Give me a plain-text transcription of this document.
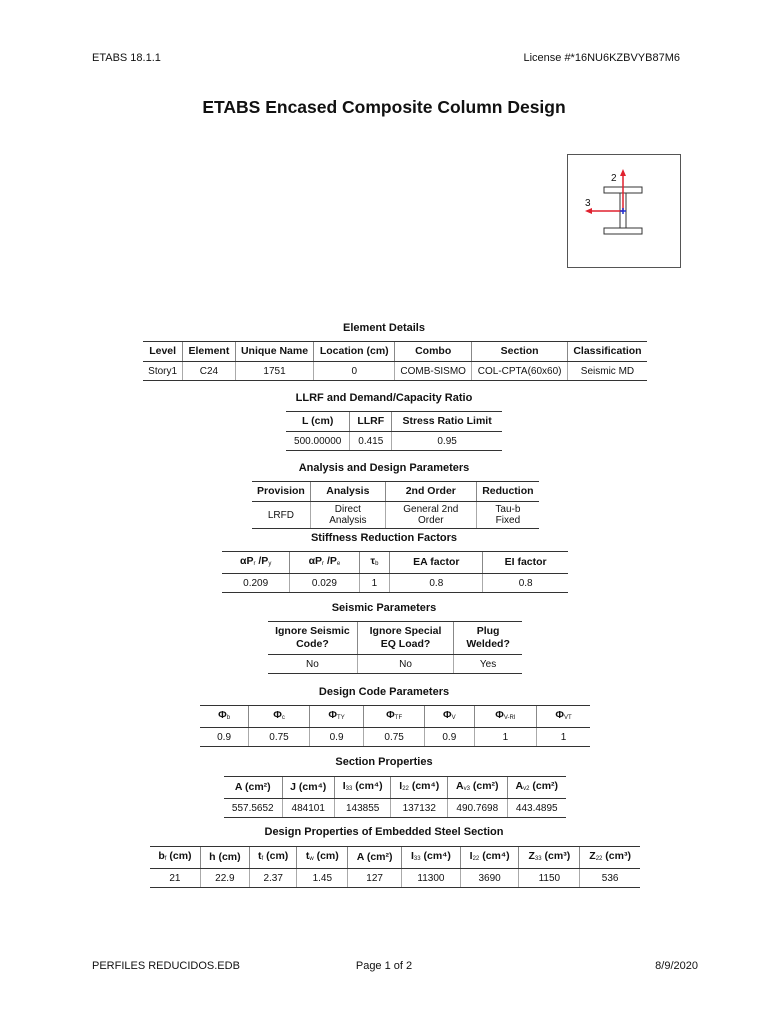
ETABS 18.1.1	License #*16NU6KZBVYB87M6
ETABS Encased Composite Column Design
2
3
Element Details
Level	Element	Unique Name	Location (cm)	Combo	Section	Classification
Story1	C24	1751	0	COMB-SISMO	COL-CPTA(60x60)	Seismic MD
LLRF and Demand/Capacity Ratio
L (cm)	LLRF	Stress Ratio Limit
500.00000	0.415	0.95
Analysis and Design Parameters
Provision	Analysis	2nd Order	Reduction
LRFD	Direct Analysis	General 2nd Order	Tau-b Fixed
Stiffness Reduction Factors
$\alpha P_r$ $/P_y$	$\alpha P_r$ $/P_e$	$\tau_b$	EA factor	EI factor
0.209	0.029	1	0.8	0.8
Seismic Parameters
Ignore Seismic Code?	Ignore Special EQ Load?	Plug Welded?
No	No	Yes
Design Code Parameters
$\Phi_b$	$\Phi_c$	$\Phi_{TY}$	$\Phi_{TF}$	$\Phi_V$	$\Phi_{V-RI}$	$\Phi_{VT}$
0.9	0.75	0.9	0.75	0.9	1	1
Section Properties
A (cm²)	J (cm⁴)	$I_{33}$ (cm⁴)	$I_{22}$ (cm⁴)	$A_{v3}$ (cm²)	$A_{v2}$ (cm²)
557.5652	484101	143855	137132	490.7698	443.4895
Design Properties of Embedded Steel Section
$b_f$ (cm)	h (cm)	$t_f$ (cm)	$t_w$ (cm)	A (cm²)	$I_{33}$ (cm⁴)	$I_{22}$ (cm⁴)	$Z_{33}$ (cm³)	$Z_{22}$ (cm³)
21	22.9	2.37	1.45	127	11300	3690	1150	536
PERFILES REDUCIDOS.EDB	Page 1 of 2	8/9/2020
